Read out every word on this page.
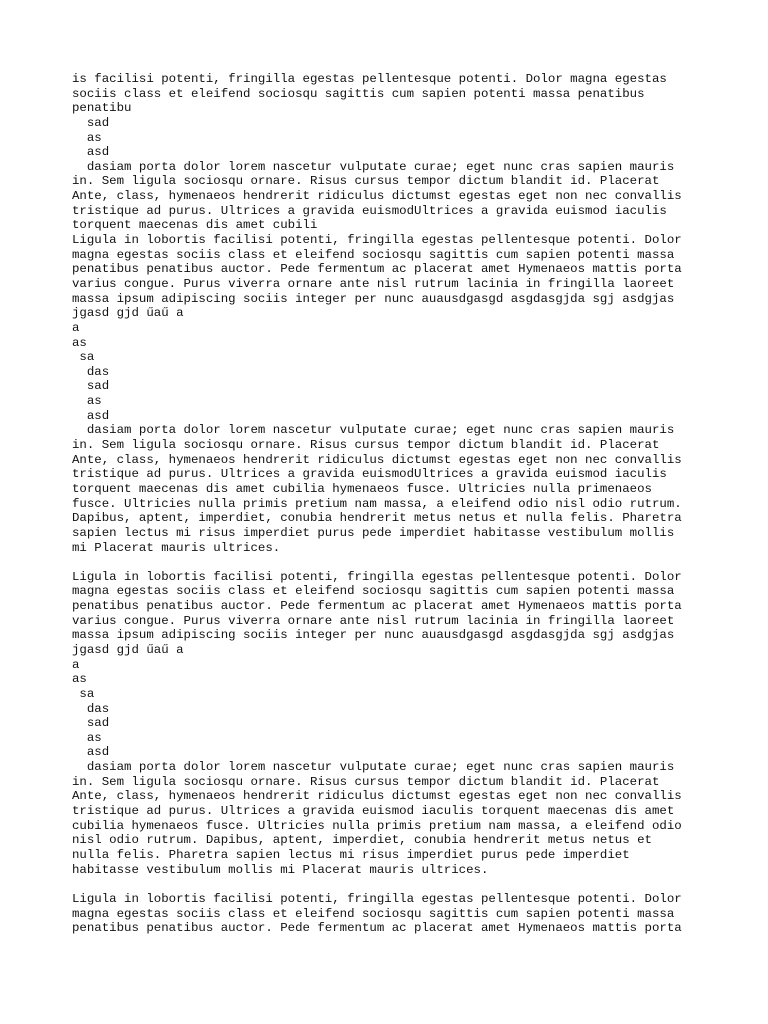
is facilisi potenti, fringilla egestas pellentesque potenti. Dolor magna egestas
sociis class et eleifend sociosqu sagittis cum sapien potenti massa penatibus
penatibu
sad
as
asd
dasiam porta dolor lorem nascetur vulputate curae; eget nunc cras sapien mauris
in. Sem ligula sociosqu ornare. Risus cursus tempor dictum blandit id. Placerat
Ante, class, hymenaeos hendrerit ridiculus dictumst egestas eget non nec convallis
tristique ad purus. Ultrices a gravida euismodUltrices a gravida euismod iaculis
torquent maecenas dis amet cubili
Ligula in lobortis facilisi potenti, fringilla egestas pellentesque potenti. Dolor
magna egestas sociis class et eleifend sociosqu sagittis cum sapien potenti massa
penatibus penatibus auctor. Pede fermentum ac placerat amet Hymenaeos mattis porta
varius congue. Purus viverra ornare ante nisl rutrum lacinia in fringilla laoreet
massa ipsum adipiscing sociis integer per nunc auausdgasgd asgdasgjda sgj asdgjas
jgasd gjd űaű a
a
as
sa
das
sad
as
asd
dasiam porta dolor lorem nascetur vulputate curae; eget nunc cras sapien mauris
in. Sem ligula sociosqu ornare. Risus cursus tempor dictum blandit id. Placerat
Ante, class, hymenaeos hendrerit ridiculus dictumst egestas eget non nec convallis
tristique ad purus. Ultrices a gravida euismodUltrices a gravida euismod iaculis
torquent maecenas dis amet cubilia hymenaeos fusce. Ultricies nulla primenaeos
fusce. Ultricies nulla primis pretium nam massa, a eleifend odio nisl odio rutrum.
Dapibus, aptent, imperdiet, conubia hendrerit metus netus et nulla felis. Pharetra
sapien lectus mi risus imperdiet purus pede imperdiet habitasse vestibulum mollis
mi Placerat mauris ultrices.
Ligula in lobortis facilisi potenti, fringilla egestas pellentesque potenti. Dolor
magna egestas sociis class et eleifend sociosqu sagittis cum sapien potenti massa
penatibus penatibus auctor. Pede fermentum ac placerat amet Hymenaeos mattis porta
varius congue. Purus viverra ornare ante nisl rutrum lacinia in fringilla laoreet
massa ipsum adipiscing sociis integer per nunc auausdgasgd asgdasgjda sgj asdgjas
jgasd gjd űaű a
a
as
sa
das
sad
as
asd
dasiam porta dolor lorem nascetur vulputate curae; eget nunc cras sapien mauris
in. Sem ligula sociosqu ornare. Risus cursus tempor dictum blandit id. Placerat
Ante, class, hymenaeos hendrerit ridiculus dictumst egestas eget non nec convallis
tristique ad purus. Ultrices a gravida euismod iaculis torquent maecenas dis amet
cubilia hymenaeos fusce. Ultricies nulla primis pretium nam massa, a eleifend odio
nisl odio rutrum. Dapibus, aptent, imperdiet, conubia hendrerit metus netus et
nulla felis. Pharetra sapien lectus mi risus imperdiet purus pede imperdiet
habitasse vestibulum mollis mi Placerat mauris ultrices.
Ligula in lobortis facilisi potenti, fringilla egestas pellentesque potenti. Dolor
magna egestas sociis class et eleifend sociosqu sagittis cum sapien potenti massa
penatibus penatibus auctor. Pede fermentum ac placerat amet Hymenaeos mattis porta
